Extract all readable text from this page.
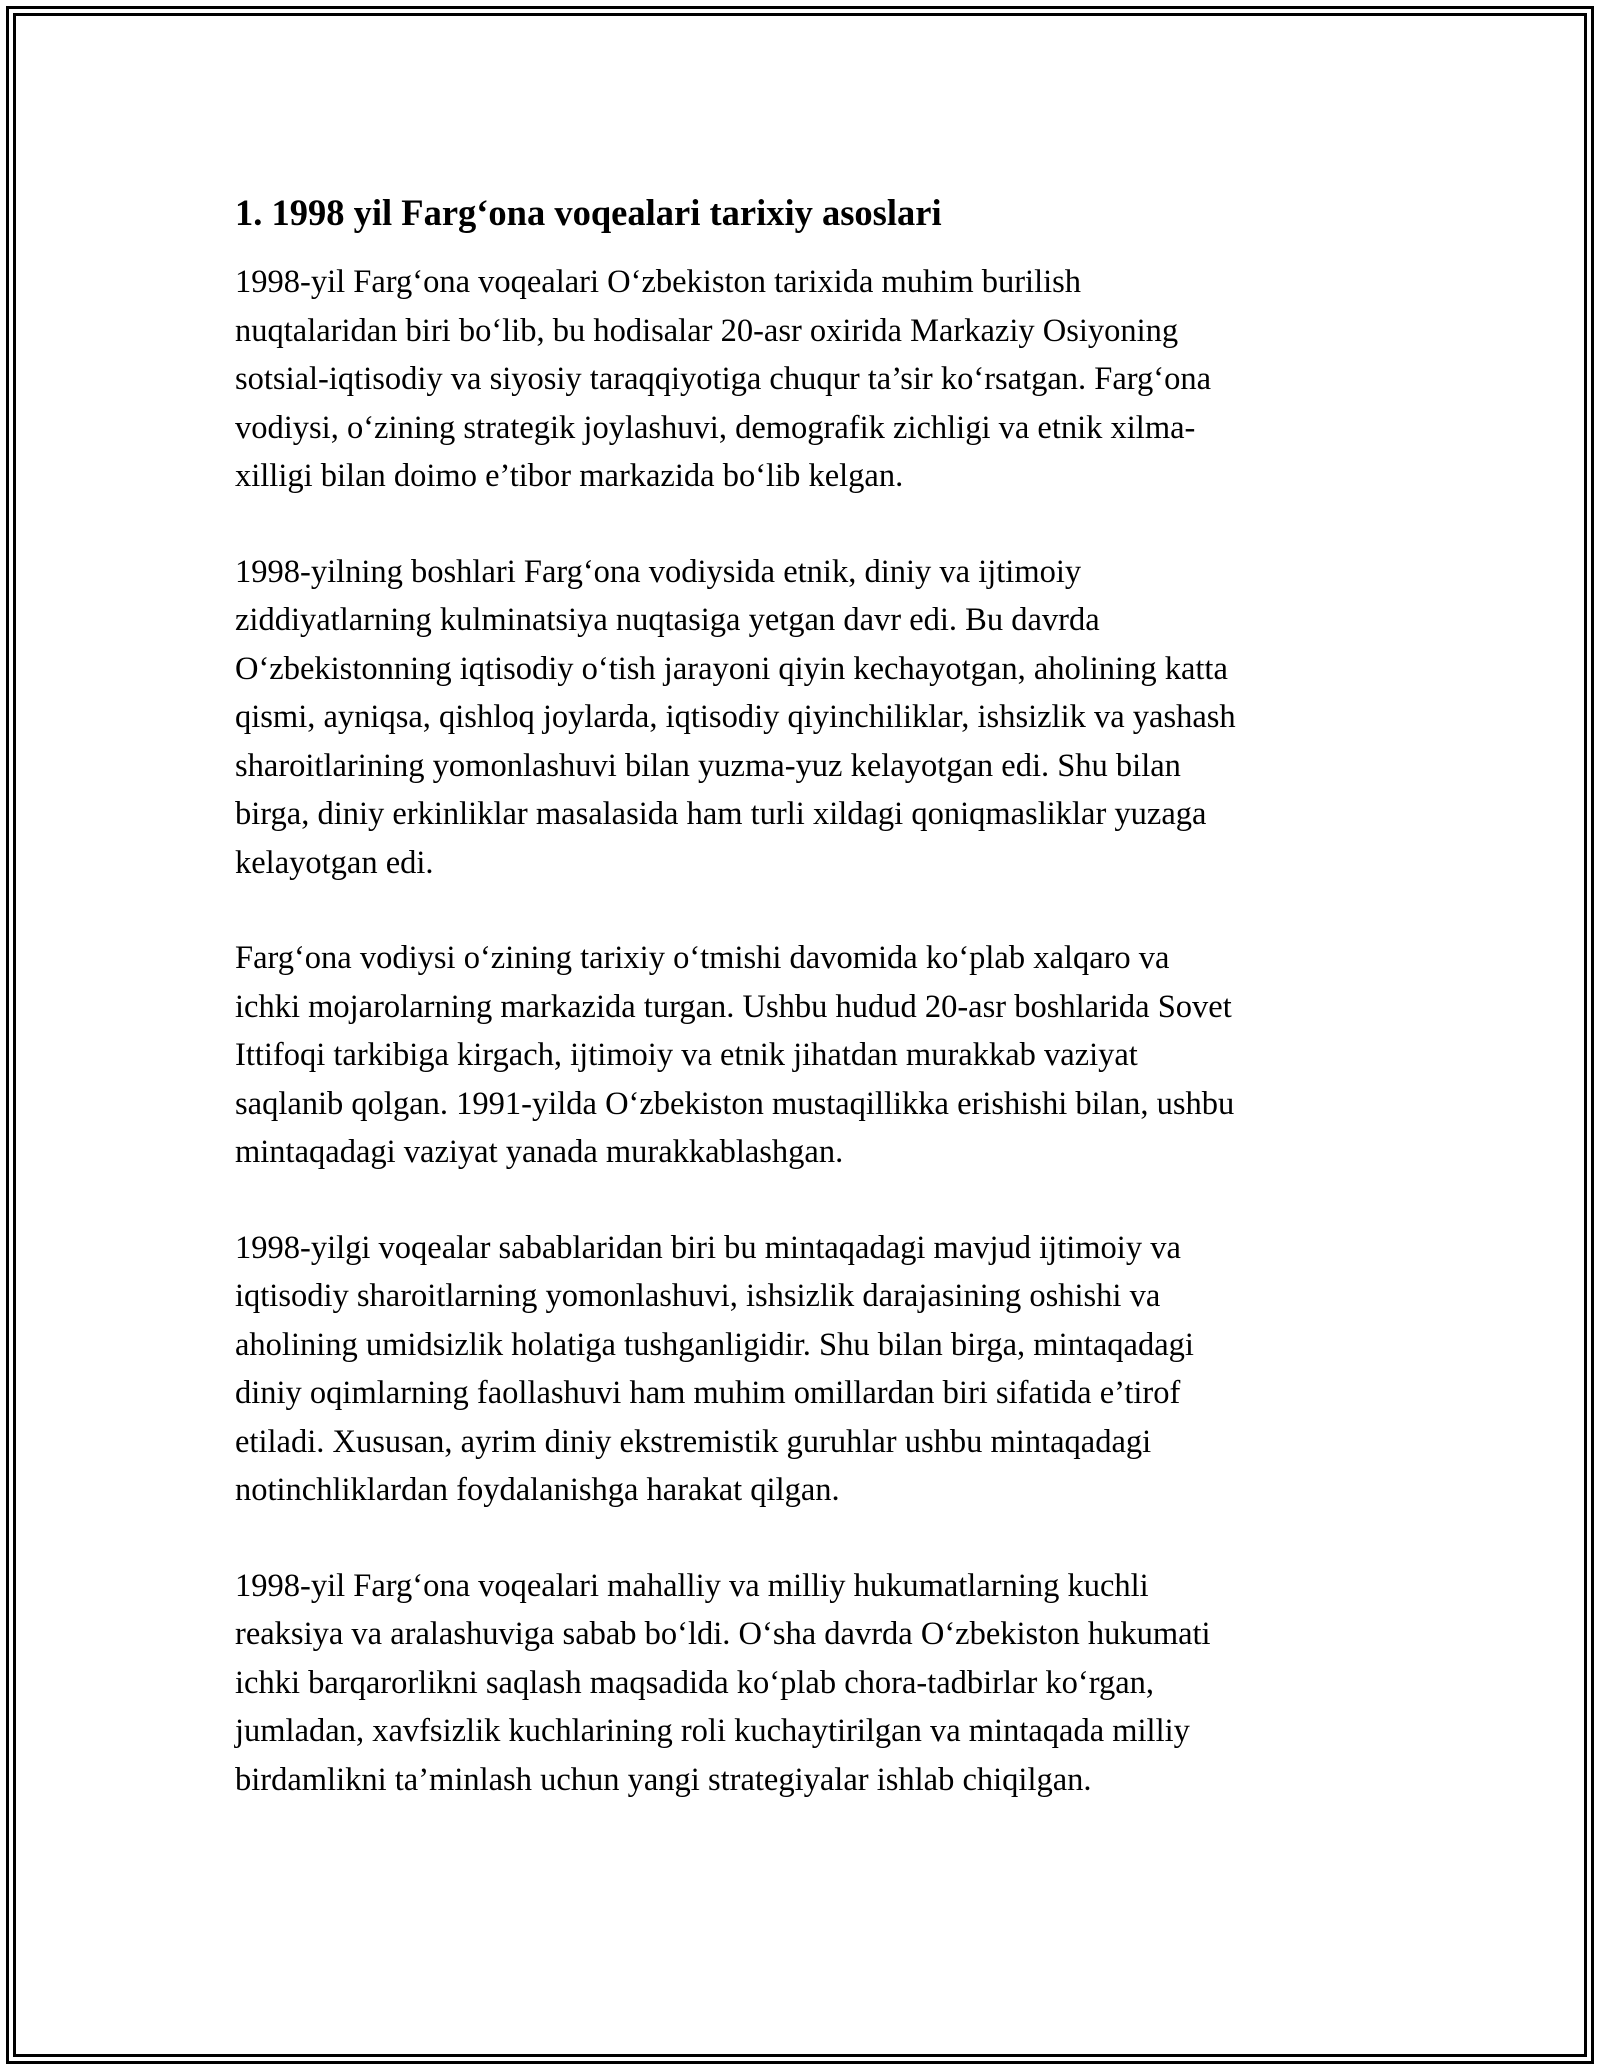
1. 1998 yil Farg‘ona voqealari tarixiy asoslari

1998-yil Farg‘ona voqealari O‘zbekiston tarixida muhim burilish
nuqtalaridan biri bo‘lib, bu hodisalar 20-asr oxirida Markaziy Osiyoning
sotsial-iqtisodiy va siyosiy taraqqiyotiga chuqur ta’sir ko‘rsatgan. Farg‘ona
vodiysi, o‘zining strategik joylashuvi, demografik zichligi va etnik xilma-
xilligi bilan doimo e’tibor markazida bo‘lib kelgan.

1998-yilning boshlari Farg‘ona vodiysida etnik, diniy va ijtimoiy
ziddiyatlarning kulminatsiya nuqtasiga yetgan davr edi. Bu davrda
O‘zbekistonning iqtisodiy o‘tish jarayoni qiyin kechayotgan, aholining katta
qismi, ayniqsa, qishloq joylarda, iqtisodiy qiyinchiliklar, ishsizlik va yashash
sharoitlarining yomonlashuvi bilan yuzma-yuz kelayotgan edi. Shu bilan
birga, diniy erkinliklar masalasida ham turli xildagi qoniqmasliklar yuzaga
kelayotgan edi.

Farg‘ona vodiysi o‘zining tarixiy o‘tmishi davomida ko‘plab xalqaro va
ichki mojarolarning markazida turgan. Ushbu hudud 20-asr boshlarida Sovet
Ittifoqi tarkibiga kirgach, ijtimoiy va etnik jihatdan murakkab vaziyat
saqlanib qolgan. 1991-yilda O‘zbekiston mustaqillikka erishishi bilan, ushbu
mintaqadagi vaziyat yanada murakkablashgan.

1998-yilgi voqealar sabablaridan biri bu mintaqadagi mavjud ijtimoiy va
iqtisodiy sharoitlarning yomonlashuvi, ishsizlik darajasining oshishi va
aholining umidsizlik holatiga tushganligidir. Shu bilan birga, mintaqadagi
diniy oqimlarning faollashuvi ham muhim omillardan biri sifatida e’tirof
etiladi. Xususan, ayrim diniy ekstremistik guruhlar ushbu mintaqadagi
notinchliklardan foydalanishga harakat qilgan.

1998-yil Farg‘ona voqealari mahalliy va milliy hukumatlarning kuchli
reaksiya va aralashuviga sabab bo‘ldi. O‘sha davrda O‘zbekiston hukumati
ichki barqarorlikni saqlash maqsadida ko‘plab chora-tadbirlar ko‘rgan,
jumladan, xavfsizlik kuchlarining roli kuchaytirilgan va mintaqada milliy
birdamlikni ta’minlash uchun yangi strategiyalar ishlab chiqilgan.
